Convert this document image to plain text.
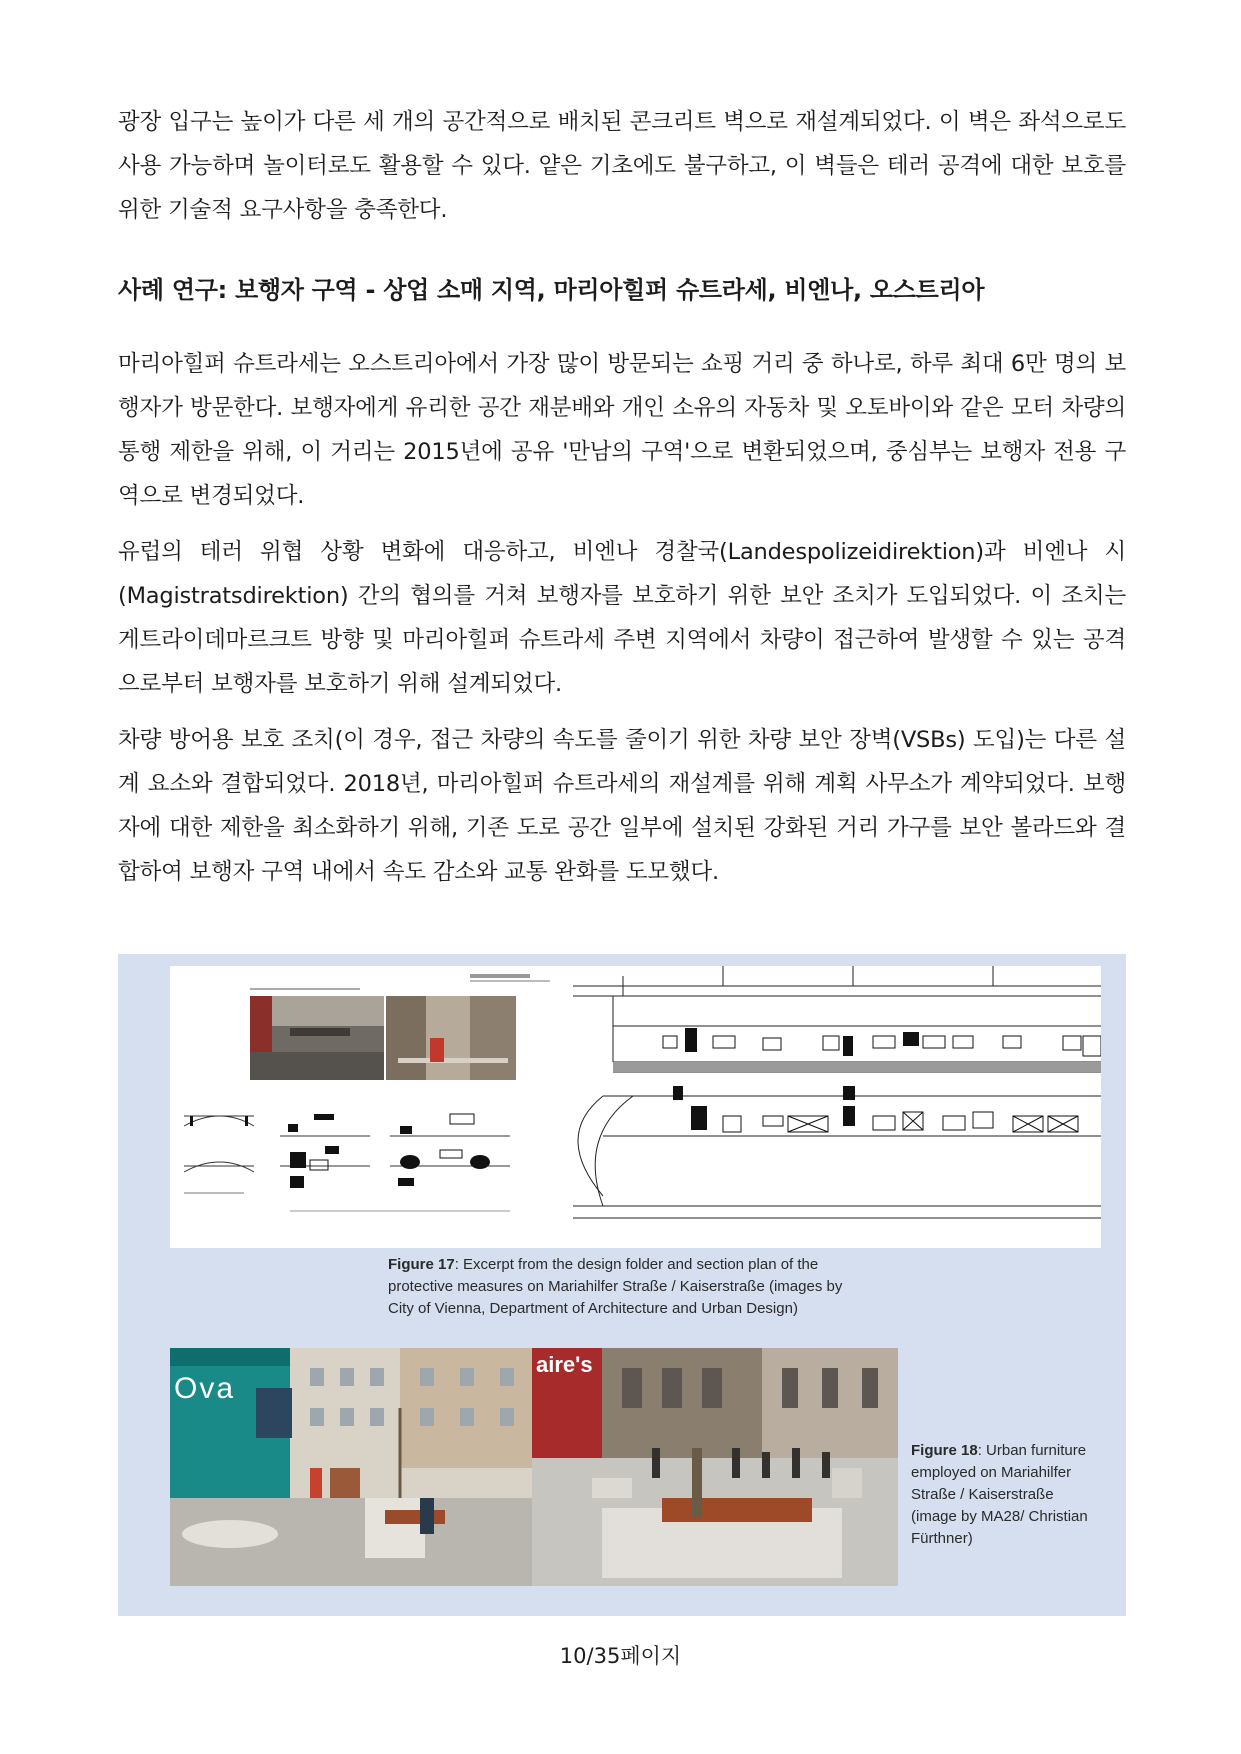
광장 입구는 높이가 다른 세 개의 공간적으로 배치된 콘크리트 벽으로 재설계되었다. 이 벽은 좌석으로도 사용 가능하며 놀이터로도 활용할 수 있다. 얕은 기초에도 불구하고, 이 벽들은 테러 공격에 대한 보호를 위한 기술적 요구사항을 충족한다.

사례 연구: 보행자 구역 - 상업 소매 지역, 마리아힐퍼 슈트라세, 비엔나, 오스트리아

마리아힐퍼 슈트라세는 오스트리아에서 가장 많이 방문되는 쇼핑 거리 중 하나로, 하루 최대 6만 명의 보행자가 방문한다. 보행자에게 유리한 공간 재분배와 개인 소유의 자동차 및 오토바이와 같은 모터 차량의 통행 제한을 위해, 이 거리는 2015년에 공유 '만남의 구역'으로 변환되었으며, 중심부는 보행자 전용 구역으로 변경되었다.

유럽의 테러 위협 상황 변화에 대응하고, 비엔나 경찰국(Landespolizeidirektion)과 비엔나 시(Magistratsdirektion) 간의 협의를 거쳐 보행자를 보호하기 위한 보안 조치가 도입되었다. 이 조치는 게트라이데마르크트 방향 및 마리아힐퍼 슈트라세 주변 지역에서 차량이 접근하여 발생할 수 있는 공격으로부터 보행자를 보호하기 위해 설계되었다.

차량 방어용 보호 조치(이 경우, 접근 차량의 속도를 줄이기 위한 차량 보안 장벽(VSBs) 도입)는 다른 설계 요소와 결합되었다. 2018년, 마리아힐퍼 슈트라세의 재설계를 위해 계획 사무소가 계약되었다. 보행자에 대한 제한을 최소화하기 위해, 기존 도로 공간 일부에 설치된 강화된 거리 가구를 보안 볼라드와 결합하여 보행자 구역 내에서 속도 감소와 교통 완화를 도모했다.

Figure 17: Excerpt from the design folder and section plan of the protective measures on Mariahilfer Straße / Kaiserstraße (images by City of Vienna, Department of Architecture and Urban Design)
Ova
aire's
Figure 18: Urban furniture employed on Mariahilfer Straße / Kaiserstraße (image by MA28/ Christian Fürthner)
10/35페이지
